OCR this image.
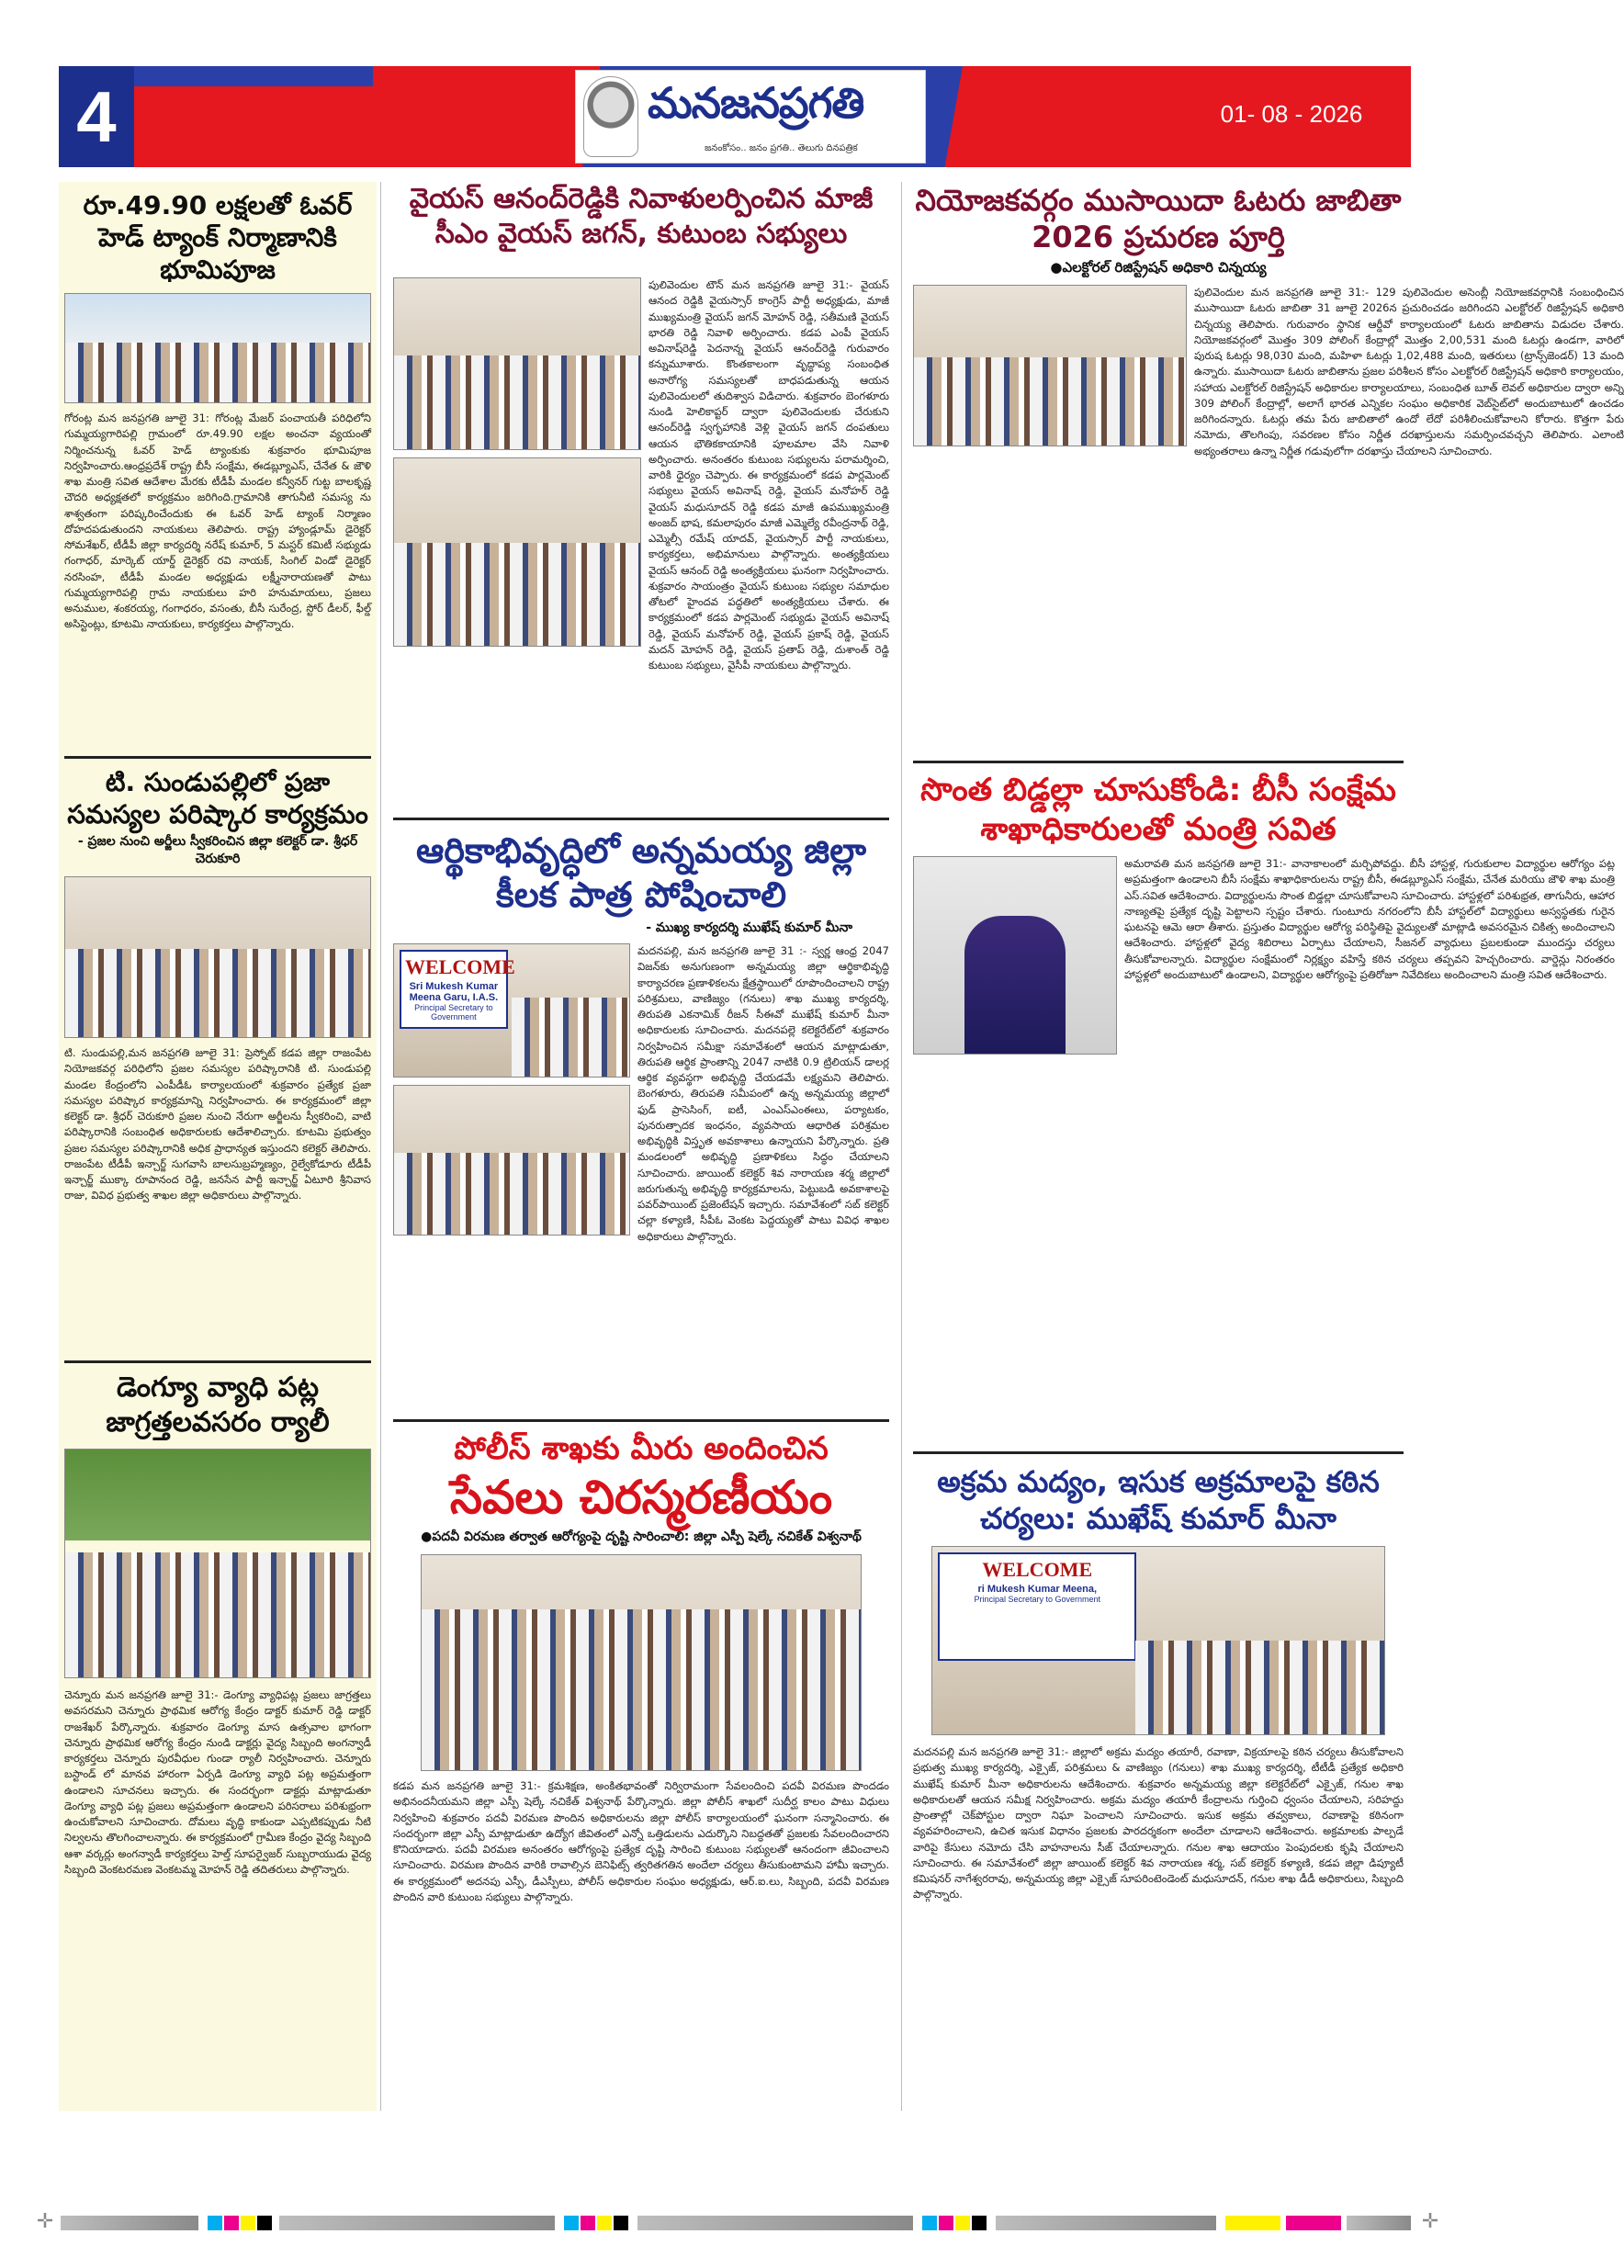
4	మనజనప్రగతి
జనంకోసం.. జనం ప్రగతి.. తెలుగు దినపత్రిక
01- 08 - 2026
రూ.49.90 లక్షలతో ఓవర్ హెడ్ ట్యాంక్ నిర్మాణానికి భూమిపూజ
గోరంట్ల మన జనప్రగతి జూలై 31: గోరంట్ల మేజర్ పంచాయతీ పరిధిలోని గుమ్మయ్యగారిపల్లి గ్రామంలో రూ.49.90 లక్షల అంచనా వ్యయంతో నిర్మించనున్న ఓవర్ హెడ్ ట్యాంకుకు శుక్రవారం భూమిపూజ నిర్వహించారు.ఆంధ్రప్రదేశ్ రాష్ట్ర బీసీ సంక్షేమ, ఈడబ్ల్యూఎస్, చేనేత & జౌళి శాఖ మంత్రి సవిత ఆదేశాల మేరకు టీడీపీ మండల కన్వీనర్ గుట్ట బాలకృష్ణ చౌదరి అధ్యక్షతలో కార్యక్రమం జరిగింది.గ్రామానికి తాగునీటి సమస్య ను శాశ్వతంగా పరిష్కరించేందుకు ఈ ఓవర్ హెడ్ ట్యాంక్ నిర్మాణం దోహదపడుతుందని నాయకులు తెలిపారు. రాష్ట్ర హ్యాండ్లూమ్ డైరెక్టర్ సోమశేఖర్, టీడీపీ జిల్లా కార్యదర్శి నరేష్ కుమార్, 5 మస్టర్ కమిటీ సభ్యుడు గంగాధర్, మార్కెట్ యార్డ్ డైరెక్టర్ రవి నాయక్, సింగిల్ విండో డైరెక్టర్ నరసింహ, టీడీపీ మండల అధ్యక్షుడు లక్ష్మీనారాయణతో పాటు గుమ్మయ్యగారిపల్లి గ్రామ నాయకులు హరి హనుమాయలు, ప్రజలు అనుముల, శంకరయ్య, గంగాధరం, వసంతు, బీసీ సురేంద్ర, స్టోర్ డీలర్, ఫీల్డ్ అసిస్టెంట్లు, కూటమి నాయకులు, కార్యకర్తలు పాల్గొన్నారు.
టి. సుండుపల్లిలో ప్రజా సమస్యల పరిష్కార కార్యక్రమం
- ప్రజల నుంచి అర్జీలు స్వీకరించిన జిల్లా కలెక్టర్ డా. శ్రీధర్ చెరుకూరి
టి. సుండుపల్లి,మన జనప్రగతి జూలై 31: ప్రెస్నోట్ కడప జిల్లా రాజంపేట నియోజకవర్గ పరిధిలోని ప్రజల సమస్యల పరిష్కారానికి టి. సుండుపల్లి మండల కేంద్రంలోని ఎంపీడీఓ కార్యాలయంలో శుక్రవారం ప్రత్యేక ప్రజా సమస్యల పరిష్కార కార్యక్రమాన్ని నిర్వహించారు. ఈ కార్యక్రమంలో జిల్లా కలెక్టర్ డా. శ్రీధర్ చెరుకూరి ప్రజల నుంచి నేరుగా అర్జీలను స్వీకరించి, వాటి పరిష్కారానికి సంబంధిత అధికారులకు ఆదేశాలిచ్చారు. కూటమి ప్రభుత్వం ప్రజల సమస్యల పరిష్కారానికి అధిక ప్రాధాన్యత ఇస్తుందని కలెక్టర్ తెలిపారు. రాజంపేట టీడీపీ ఇన్చార్జ్ సుగవాసి బాలసుబ్రహ్మణ్యం, రైల్వేకోడూరు టీడీపీ ఇన్చార్జ్ ముక్కా రూపానంద రెడ్డి, జనసేన పార్టీ ఇన్చార్జ్ ఏటూరి శ్రీనివాస రాజు, వివిధ ప్రభుత్వ శాఖల జిల్లా అధికారులు పాల్గొన్నారు.
డెంగ్యూ వ్యాధి పట్ల జాగ్రత్తలవసరం ర్యాలీ
చెన్నూరు మన జనప్రగతి జూలై 31:- డెంగ్యూ వ్యాధిపట్ల ప్రజలు జాగ్రత్తలు అవసరమని చెన్నూరు ప్రాథమిక ఆరోగ్య కేంద్రం డాక్టర్ కుమార్ రెడ్డి డాక్టర్ రాజశేఖర్ పేర్కొన్నారు. శుక్రవారం డెంగ్యూ మాస ఉత్సవాల భాగంగా చెన్నూరు ప్రాథమిక ఆరోగ్య కేంద్రం నుండి డాక్టర్లు వైద్య సిబ్బంది అంగన్వాడీ కార్యకర్తలు చెన్నూరు పురవీధుల గుండా ర్యాలీ నిర్వహించారు. చెన్నూరు బస్టాండ్ లో మానవ హారంగా ఏర్పడి డెంగ్యూ వ్యాధి పట్ల అప్రమత్తంగా ఉండాలని సూచనలు ఇచ్చారు. ఈ సందర్భంగా డాక్టర్లు మాట్లాడుతూ డెంగ్యూ వ్యాధి పట్ల ప్రజలు అప్రమత్తంగా ఉండాలని పరిసరాలు పరిశుభ్రంగా ఉంచుకోవాలని సూచించారు. దోమలు వృద్ధి కాకుండా ఎప్పటికప్పుడు నీటి నిల్వలను తొలగించాలన్నారు. ఈ కార్యక్రమంలో గ్రామీణ కేంద్రం వైద్య సిబ్బంది ఆశా వర్కర్లు అంగన్వాడీ కార్యకర్తలు హెల్త్ సూపర్వైజర్ సుబ్బరాయుడు వైద్య సిబ్బంది వెంకటరమణ వెంకటమ్మ మోహన్ రెడ్డి తదితరులు పాల్గొన్నారు.
వైయస్ ఆనంద్‌రెడ్డికి నివాళులర్పించిన మాజీ సీఎం వైయస్ జగన్, కుటుంబ సభ్యులు
పులివెందుల టౌన్ మన జనప్రగతి జూలై 31:- వైయస్ ఆనంద రెడ్డికి వైయస్సార్ కాంగ్రెస్ పార్టీ అధ్యక్షుడు, మాజీ ముఖ్యమంత్రి వైయస్ జగన్ మోహన్ రెడ్డి, సతీమణి వైయస్ భారతి రెడ్డి నివాళి అర్పించారు. కడప ఎంపీ వైయస్ అవినాష్‌రెడ్డి పెదనాన్న వైయస్ ఆనంద్‌రెడ్డి గురువారం కన్నుమూశారు. కొంతకాలంగా వృద్ధాప్య సంబంధిత అనారోగ్య సమస్యలతో బాధపడుతున్న ఆయన పులివెందులలో తుదిశ్వాస విడిచారు. శుక్రవారం బెంగళూరు నుండి హెలికాప్టర్ ద్వారా పులివెందులకు చేరుకుని ఆనంద్‌రెడ్డి స్వగృహానికి వెళ్లి వైయస్ జగన్ దంపతులు ఆయన భౌతికకాయానికి పూలమాల వేసి నివాళి అర్పించారు. అనంతరం కుటుంబ సభ్యులను పరామర్శించి, వారికి ధైర్యం చెప్పారు. ఈ కార్యక్రమంలో కడప పార్లమెంట్ సభ్యులు వైయస్ అవినాష్ రెడ్డి, వైయస్ మనోహర్ రెడ్డి వైయస్ మధుసూదన్ రెడ్డి కడప మాజీ ఉపముఖ్యమంత్రి అంజద్ భాష, కమలాపురం మాజీ ఎమ్మెల్యే రవీంద్రనాథ్ రెడ్డి, ఎమ్మెల్సీ రమేష్ యాదవ్, వైయస్సార్ పార్టీ నాయకులు, కార్యకర్తలు, అభిమానులు పాల్గొన్నారు. అంత్యక్రియలు వైయస్ ఆనంద్ రెడ్డి అంత్యక్రియలు ఘనంగా నిర్వహించారు. శుక్రవారం సాయంత్రం వైయస్ కుటుంబ సభ్యుల సమాధుల తోటలో హైందవ పద్ధతిలో అంత్యక్రియలు చేశారు. ఈ కార్యక్రమంలో కడప పార్లమెంట్ సభ్యుడు వైయస్ అవినాష్ రెడ్డి, వైయస్ మనోహర్ రెడ్డి, వైయస్ ప్రకాష్ రెడ్డి, వైయస్ మదన్ మోహన్ రెడ్డి, వైయస్ ప్రతాప్ రెడ్డి, దుశాంత్ రెడ్డి కుటుంబ సభ్యులు, వైసీపీ నాయకులు పాల్గొన్నారు.
ఆర్థికాభివృద్ధిలో అన్నమయ్య జిల్లా కీలక పాత్ర పోషించాలి
- ముఖ్య కార్యదర్శి ముఖేష్ కుమార్ మీనా
WELCOME
Sri Mukesh Kumar Meena Garu, I.A.S.
Principal Secretary to Government
మదనపల్లి, మన జనప్రగతి జూలై 31 :- స్వర్ణ ఆంధ్ర 2047 విజన్‌కు అనుగుణంగా అన్నమయ్య జిల్లా ఆర్థికాభివృద్ధి కార్యాచరణ ప్రణాళికలను క్షేత్రస్థాయిలో రూపొందించాలని రాష్ట్ర పరిశ్రమలు, వాణిజ్యం (గనులు) శాఖ ముఖ్య కార్యదర్శి, తిరుపతి ఎకనామిక్ రీజన్ సీఈవో ముఖేష్ కుమార్ మీనా అధికారులకు సూచించారు. మదనపల్లె కలెక్టరేట్‌లో శుక్రవారం నిర్వహించిన సమీక్షా సమావేశంలో ఆయన మాట్లాడుతూ, తిరుపతి ఆర్థిక ప్రాంతాన్ని 2047 నాటికి 0.9 ట్రిలియన్ డాలర్ల ఆర్థిక వ్యవస్థగా అభివృద్ధి చేయడమే లక్ష్యమని తెలిపారు. బెంగళూరు, తిరుపతి సమీపంలో ఉన్న అన్నమయ్య జిల్లాలో ఫుడ్ ప్రాసెసింగ్, ఐటీ, ఎంఎస్ఎంఈలు, పర్యాటకం, పునరుత్పాదక ఇంధనం, వ్యవసాయ ఆధారిత పరిశ్రమల అభివృద్ధికి విస్తృత అవకాశాలు ఉన్నాయని పేర్కొన్నారు. ప్రతి మండలంలో అభివృద్ధి ప్రణాళికలు సిద్ధం చేయాలని సూచించారు. జాయింట్ కలెక్టర్ శివ నారాయణ శర్మ జిల్లాలో జరుగుతున్న అభివృద్ధి కార్యక్రమాలను, పెట్టుబడి అవకాశాలపై పవర్‌పాయింట్ ప్రజెంటేషన్ ఇచ్చారు. సమావేశంలో సబ్ కలెక్టర్ చల్లా కళ్యాణి, సీపీఓ వెంకట పెద్దయ్యతో పాటు వివిధ శాఖల అధికారులు పాల్గొన్నారు.
పోలీస్ శాఖకు మీరు అందించిన
సేవలు చిరస్మరణీయం
●పదవీ విరమణ తర్వాత ఆరోగ్యంపై దృష్టి సారించాలి: జిల్లా ఎస్పీ షెల్కే నచికేత్ విశ్వనాథ్
కడప మన జనప్రగతి జూలై 31:- క్రమశిక్షణ, అంకితభావంతో నిర్విరామంగా సేవలందించి పదవీ విరమణ పొందడం అభినందనీయమని జిల్లా ఎస్పీ షెల్కే నచికేత్ విశ్వనాథ్ పేర్కొన్నారు. జిల్లా పోలీస్ శాఖలో సుదీర్ఘ కాలం పాటు విధులు నిర్వహించి శుక్రవారం పదవీ విరమణ పొందిన అధికారులను జిల్లా పోలీస్ కార్యాలయంలో ఘనంగా సన్మానించారు. ఈ సందర్భంగా జిల్లా ఎస్పీ మాట్లాడుతూ ఉద్యోగ జీవితంలో ఎన్నో ఒత్తిడులను ఎదుర్కొని నిబద్ధతతో ప్రజలకు సేవలందించారని కొనియాడారు. పదవీ విరమణ అనంతరం ఆరోగ్యంపై ప్రత్యేక దృష్టి సారించి కుటుంబ సభ్యులతో ఆనందంగా జీవించాలని సూచించారు. విరమణ పొందిన వారికి రావాల్సిన బెనిఫిట్స్ త్వరితగతిన అందేలా చర్యలు తీసుకుంటామని హామీ ఇచ్చారు. ఈ కార్యక్రమంలో అదనపు ఎస్పీ, డీఎస్పీలు, పోలీస్ అధికారుల సంఘం అధ్యక్షుడు, ఆర్.ఐ.లు, సిబ్బంది, పదవీ విరమణ పొందిన వారి కుటుంబ సభ్యులు పాల్గొన్నారు.
నియోజకవర్గం ముసాయిదా ఓటరు జాబితా 2026 ప్రచురణ పూర్తి
●ఎలక్టోరల్ రిజిస్ట్రేషన్ అధికారి చిన్నయ్య
పులివెందుల మన జనప్రగతి జూలై 31:- 129 పులివెందుల అసెంబ్లీ నియోజకవర్గానికి సంబంధించిన ముసాయిదా ఓటరు జాబితా 31 జూలై 2026న ప్రచురించడం జరిగిందని ఎలక్టోరల్ రిజిస్ట్రేషన్ అధికారి చిన్నయ్య తెలిపారు. గురువారం స్థానిక ఆర్డీవో కార్యాలయంలో ఓటరు జాబితాను విడుదల చేశారు. నియోజకవర్గంలో మొత్తం 309 పోలింగ్ కేంద్రాల్లో మొత్తం 2,00,531 మంది ఓటర్లు ఉండగా, వారిలో పురుష ఓటర్లు 98,030 మంది, మహిళా ఓటర్లు 1,02,488 మంది, ఇతరులు (ట్రాన్స్‌జెండర్) 13 మంది ఉన్నారు. ముసాయిదా ఓటరు జాబితాను ప్రజల పరిశీలన కోసం ఎలక్టోరల్ రిజిస్ట్రేషన్ అధికారి కార్యాలయం, సహాయ ఎలక్టోరల్ రిజిస్ట్రేషన్ అధికారుల కార్యాలయాలు, సంబంధిత బూత్ లెవల్ అధికారుల ద్వారా అన్ని 309 పోలింగ్ కేంద్రాల్లో, అలాగే భారత ఎన్నికల సంఘం అధికారిక వెబ్‌సైట్‌లో అందుబాటులో ఉంచడం జరిగిందన్నారు. ఓటర్లు తమ పేరు జాబితాలో ఉందో లేదో పరిశీలించుకోవాలని కోరారు. కొత్తగా పేరు నమోదు, తొలగింపు, సవరణల కోసం నిర్ణీత దరఖాస్తులను సమర్పించవచ్చని తెలిపారు. ఎలాంటి అభ్యంతరాలు ఉన్నా నిర్ణీత గడువులోగా దరఖాస్తు చేయాలని సూచించారు.
సొంత బిడ్డల్లా చూసుకోండి: బీసీ సంక్షేమ శాఖాధికారులతో మంత్రి సవిత
అమరావతి మన జనప్రగతి జూలై 31:- వానాకాలంలో మర్చిపోవద్దు. బీసీ హాస్టళ్ల, గురుకులాల విద్యార్థుల ఆరోగ్యం పట్ల అప్రమత్తంగా ఉండాలని బీసీ సంక్షేమ శాఖాధికారులను రాష్ట్ర బీసీ, ఈడబ్ల్యూఎస్ సంక్షేమ, చేనేత మరియు జౌళి శాఖ మంత్రి ఎస్.సవిత ఆదేశించారు. విద్యార్థులను సొంత బిడ్డల్లా చూసుకోవాలని సూచించారు. హాస్టళ్లలో పరిశుభ్రత, తాగునీరు, ఆహార నాణ్యతపై ప్రత్యేక దృష్టి పెట్టాలని స్పష్టం చేశారు. గుంటూరు నగరంలోని బీసీ హాస్టల్‌లో విద్యార్థులు అస్వస్థతకు గురైన ఘటనపై ఆమె ఆరా తీశారు. ప్రస్తుతం విద్యార్థుల ఆరోగ్య పరిస్థితిపై వైద్యులతో మాట్లాడి అవసరమైన చికిత్స అందించాలని ఆదేశించారు. హాస్టళ్లలో వైద్య శిబిరాలు ఏర్పాటు చేయాలని, సీజనల్ వ్యాధులు ప్రబలకుండా ముందస్తు చర్యలు తీసుకోవాలన్నారు. విద్యార్థుల సంక్షేమంలో నిర్లక్ష్యం వహిస్తే కఠిన చర్యలు తప్పవని హెచ్చరించారు. వార్డెన్లు నిరంతరం హాస్టళ్లలో అందుబాటులో ఉండాలని, విద్యార్థుల ఆరోగ్యంపై ప్రతిరోజూ నివేదికలు అందించాలని మంత్రి సవిత ఆదేశించారు.
అక్రమ మద్యం, ఇసుక అక్రమాలపై కఠిన చర్యలు: ముఖేష్ కుమార్ మీనా
WELCOME
ri Mukesh Kumar Meena,
Principal Secretary to Government
మదనపల్లి మన జనప్రగతి జూలై 31:- జిల్లాలో అక్రమ మద్యం తయారీ, రవాణా, విక్రయాలపై కఠిన చర్యలు తీసుకోవాలని ప్రభుత్వ ముఖ్య కార్యదర్శి, ఎక్సైజ్, పరిశ్రమలు & వాణిజ్యం (గనులు) శాఖ ముఖ్య కార్యదర్శి, టీటీడీ ప్రత్యేక అధికారి ముఖేష్ కుమార్ మీనా అధికారులను ఆదేశించారు. శుక్రవారం అన్నమయ్య జిల్లా కలెక్టరేట్‌లో ఎక్సైజ్, గనుల శాఖ అధికారులతో ఆయన సమీక్ష నిర్వహించారు. అక్రమ మద్యం తయారీ కేంద్రాలను గుర్తించి ధ్వంసం చేయాలని, సరిహద్దు ప్రాంతాల్లో చెక్‌పోస్టుల ద్వారా నిఘా పెంచాలని సూచించారు. ఇసుక అక్రమ తవ్వకాలు, రవాణాపై కఠినంగా వ్యవహరించాలని, ఉచిత ఇసుక విధానం ప్రజలకు పారదర్శకంగా అందేలా చూడాలని ఆదేశించారు. అక్రమాలకు పాల్పడే వారిపై కేసులు నమోదు చేసి వాహనాలను సీజ్ చేయాలన్నారు. గనుల శాఖ ఆదాయం పెంపుదలకు కృషి చేయాలని సూచించారు. ఈ సమావేశంలో జిల్లా జాయింట్ కలెక్టర్ శివ నారాయణ శర్మ, సబ్ కలెక్టర్ కళ్యాణి, కడప జిల్లా డిప్యూటీ కమిషనర్ నాగేశ్వరరావు, అన్నమయ్య జిల్లా ఎక్సైజ్ సూపరింటెండెంట్ మధుసూదన్, గనుల శాఖ డీడీ అధికారులు, సిబ్బంది పాల్గొన్నారు.
✛	✛
